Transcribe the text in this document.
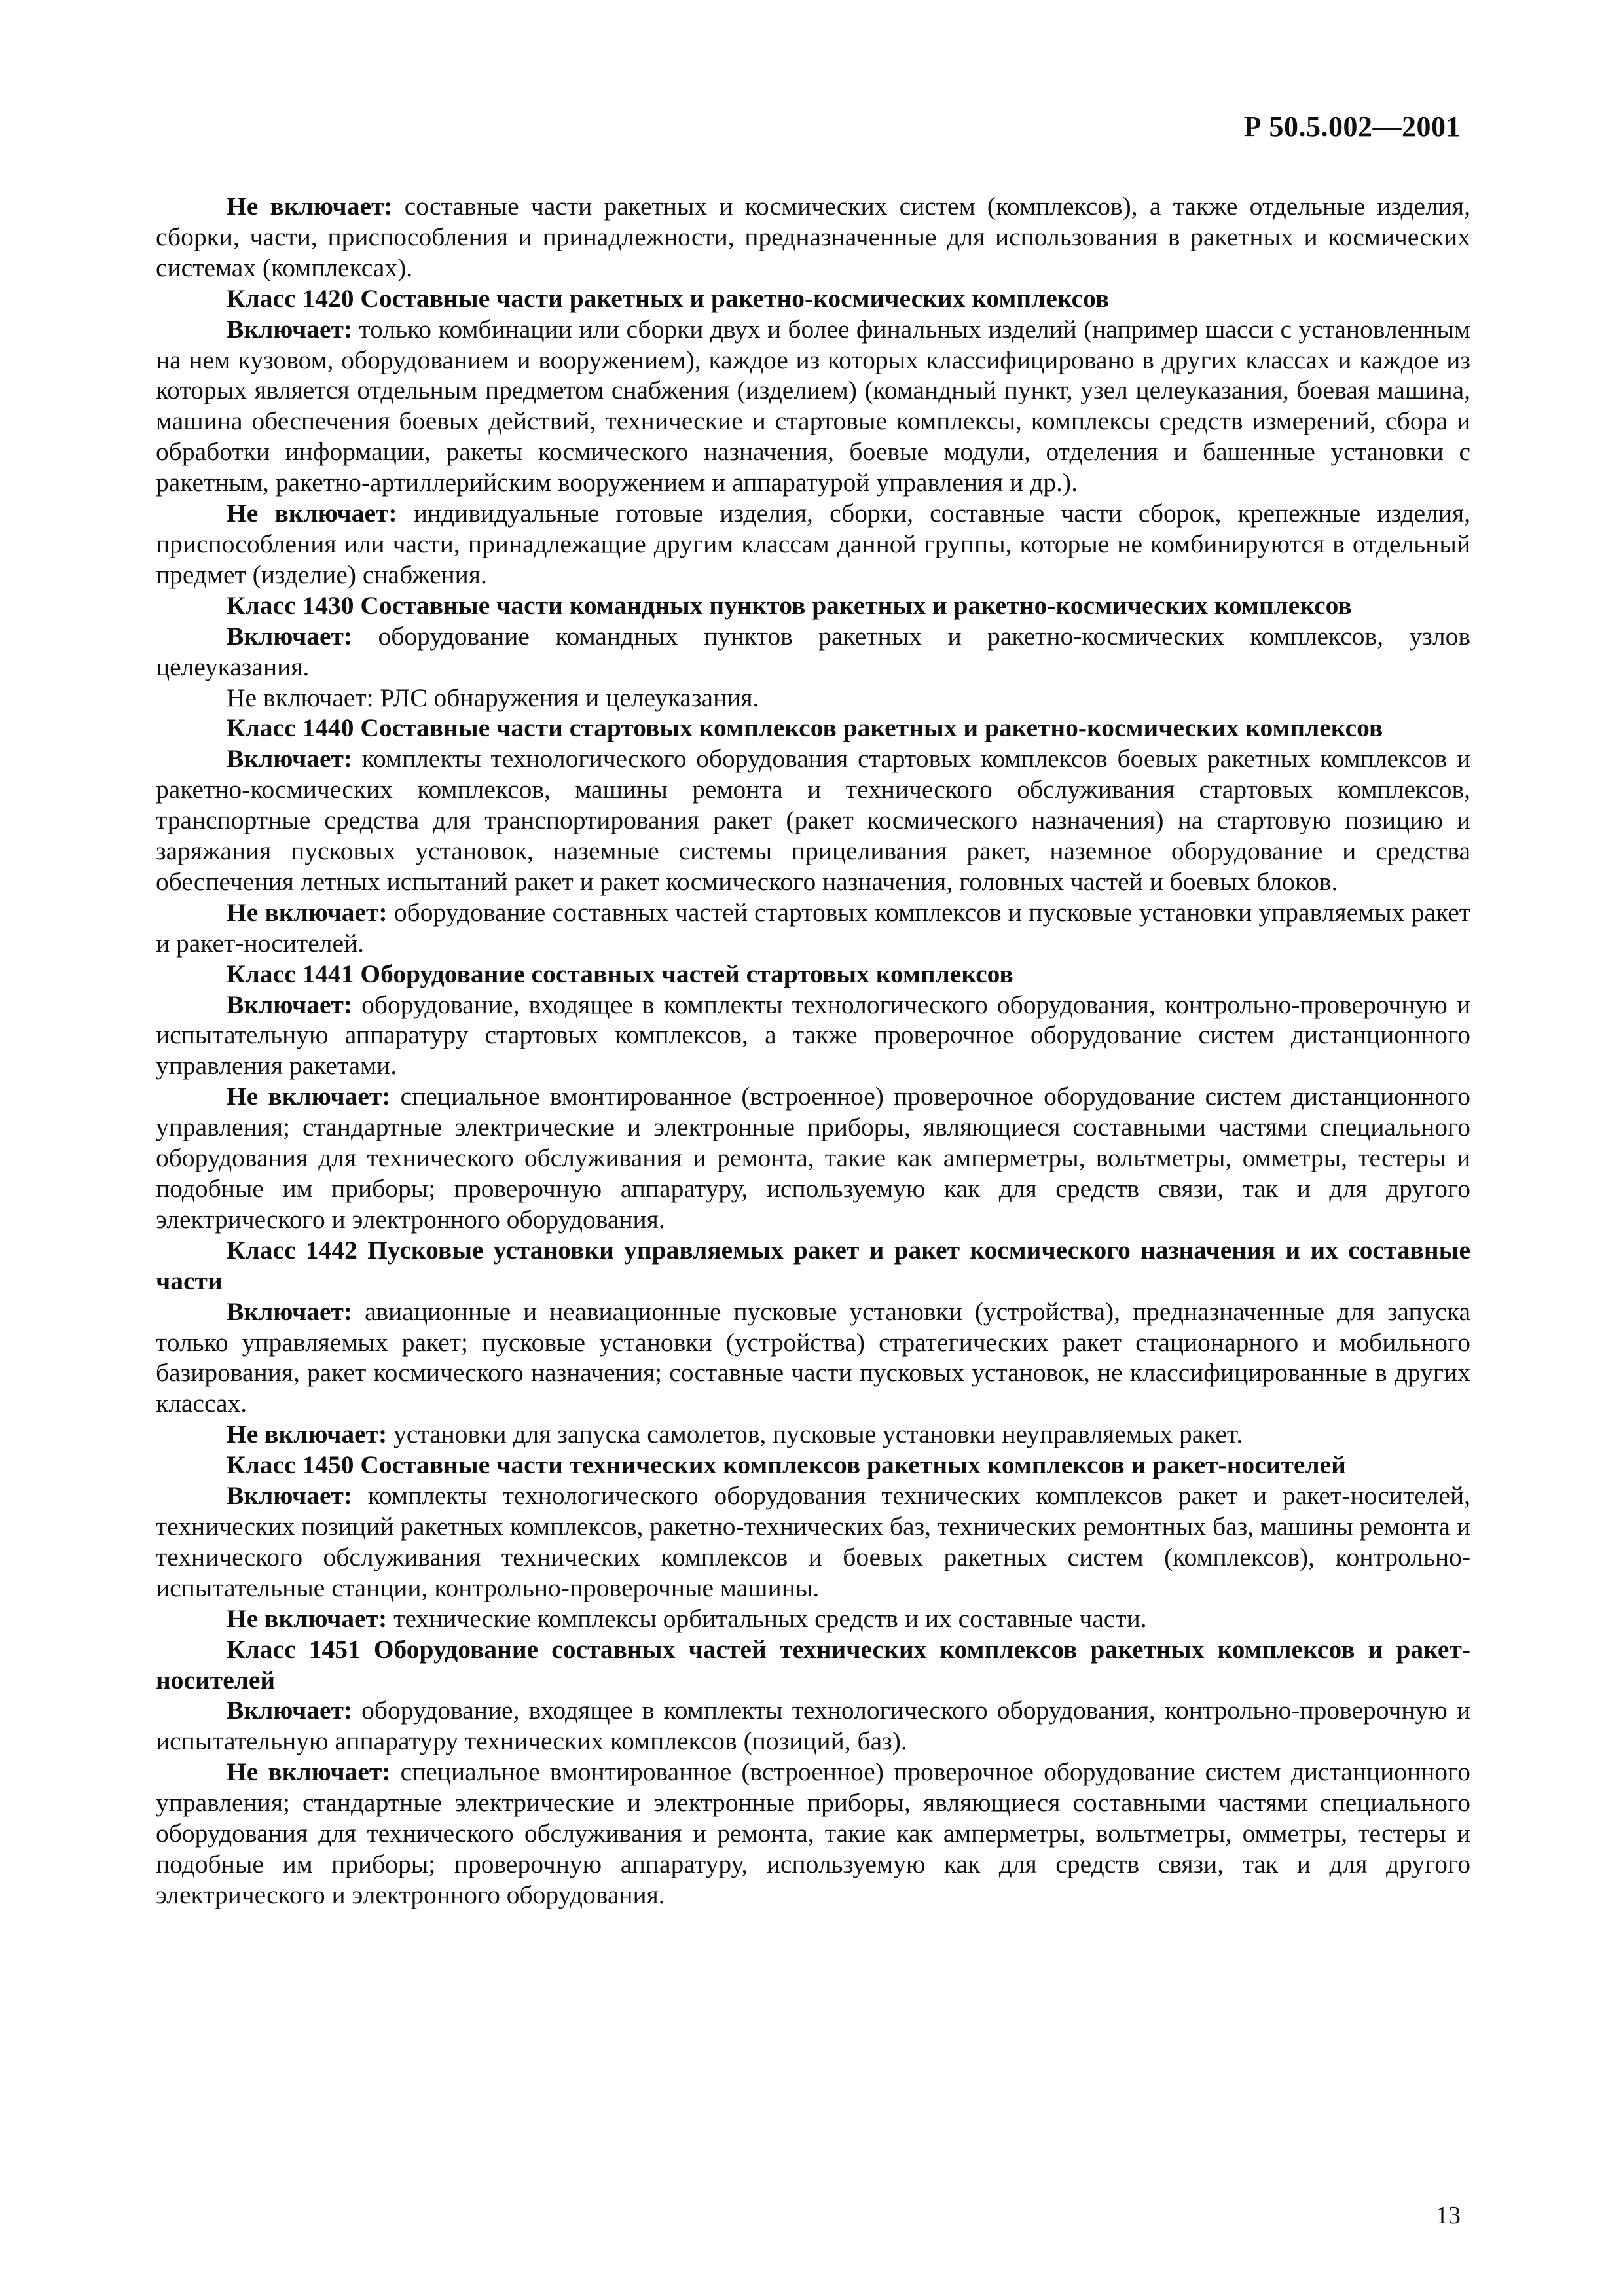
Р 50.5.002—2001

Не включает: составные части ракетных и космических систем (комплексов), а также отдельные изделия, сборки, части, приспособления и принадлежности, предназначенные для использования в ракетных и космических системах (комплексах).

Класс 1420 Составные части ракетных и ракетно-космических комплексов

Включает: только комбинации или сборки двух и более финальных изделий (например шасси с установленным на нем кузовом, оборудованием и вооружением), каждое из которых классифицировано в других классах и каждое из которых является отдельным предметом снабжения (изделием) (командный пункт, узел целеуказания, боевая машина, машина обеспечения боевых действий, технические и стартовые комплексы, комплексы средств измерений, сбора и обработки информации, ракеты космического назначения, боевые модули, отделения и башенные установки с ракетным, ракетно-артиллерийским вооружением и аппаратурой управления и др.).

Не включает: индивидуальные готовые изделия, сборки, составные части сборок, крепежные изделия, приспособления или части, принадлежащие другим классам данной группы, которые не комбинируются в отдельный предмет (изделие) снабжения.

Класс 1430 Составные части командных пунктов ракетных и ракетно-космических комплексов

Включает: оборудование командных пунктов ракетных и ракетно-космических комплексов, узлов целеуказания.

Не включает: РЛС обнаружения и целеуказания.

Класс 1440 Составные части стартовых комплексов ракетных и ракетно-космических комплексов

Включает: комплекты технологического оборудования стартовых комплексов боевых ракетных комплексов и ракетно-космических комплексов, машины ремонта и технического обслуживания стартовых комплексов, транспортные средства для транспортирования ракет (ракет космического назначения) на стартовую позицию и заряжания пусковых установок, наземные системы прицеливания ракет, наземное оборудование и средства обеспечения летных испытаний ракет и ракет космического назначения, головных частей и боевых блоков.

Не включает: оборудование составных частей стартовых комплексов и пусковые установки управляемых ракет и ракет-носителей.

Класс 1441 Оборудование составных частей стартовых комплексов

Включает: оборудование, входящее в комплекты технологического оборудования, контрольно-проверочную и испытательную аппаратуру стартовых комплексов, а также проверочное оборудование систем дистанционного управления ракетами.

Не включает: специальное вмонтированное (встроенное) проверочное оборудование систем дистанционного управления; стандартные электрические и электронные приборы, являющиеся составными частями специального оборудования для технического обслуживания и ремонта, такие как амперметры, вольтметры, омметры, тестеры и подобные им приборы; проверочную аппаратуру, используемую как для средств связи, так и для другого электрического и электронного оборудования.

Класс 1442 Пусковые установки управляемых ракет и ракет космического назначения и их составные части

Включает: авиационные и неавиационные пусковые установки (устройства), предназначенные для запуска только управляемых ракет; пусковые установки (устройства) стратегических ракет стационарного и мобильного базирования, ракет космического назначения; составные части пусковых установок, не классифицированные в других классах.

Не включает: установки для запуска самолетов, пусковые установки неуправляемых ракет.

Класс 1450 Составные части технических комплексов ракетных комплексов и ракет-носителей

Включает: комплекты технологического оборудования технических комплексов ракет и ракет-носителей, технических позиций ракетных комплексов, ракетно-технических баз, технических ремонтных баз, машины ремонта и технического обслуживания технических комплексов и боевых ракетных систем (комплексов), контрольно-испытательные станции, контрольно-проверочные машины.

Не включает: технические комплексы орбитальных средств и их составные части.

Класс 1451 Оборудование составных частей технических комплексов ракетных комплексов и ракет-носителей

Включает: оборудование, входящее в комплекты технологического оборудования, контрольно-проверочную и испытательную аппаратуру технических комплексов (позиций, баз).

Не включает: специальное вмонтированное (встроенное) проверочное оборудование систем дистанционного управления; стандартные электрические и электронные приборы, являющиеся составными частями специального оборудования для технического обслуживания и ремонта, такие как амперметры, вольтметры, омметры, тестеры и подобные им приборы; проверочную аппаратуру, используемую как для средств связи, так и для другого электрического и электронного оборудования.

13
